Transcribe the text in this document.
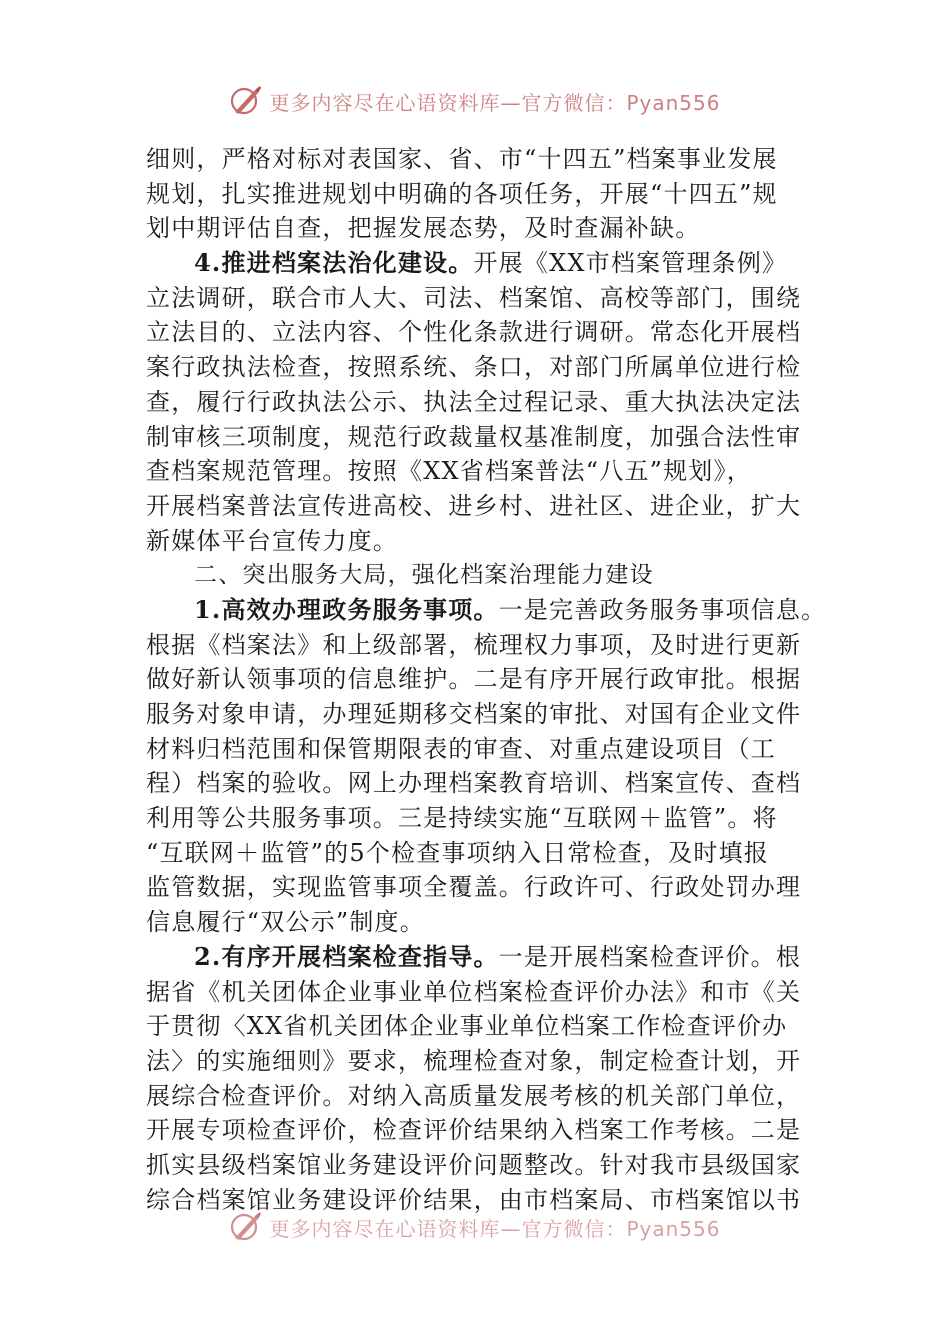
更多内容尽在心语资料库—官方微信：Pyan556
细则，严格对标对表国家、省、市“十四五”档案事业发展
规划，扎实推进规划中明确的各项任务，开展“十四五”规
划中期评估自查，把握发展态势，及时查漏补缺。
4.推进档案法治化建设。开展《XX市档案管理条例》
立法调研，联合市人大、司法、档案馆、高校等部门，围绕
立法目的、立法内容、个性化条款进行调研。常态化开展档
案行政执法检查，按照系统、条口，对部门所属单位进行检
查，履行行政执法公示、执法全过程记录、重大执法决定法
制审核三项制度，规范行政裁量权基准制度，加强合法性审
查档案规范管理。按照《XX省档案普法“八五”规划》，
开展档案普法宣传进高校、进乡村、进社区、进企业，扩大
新媒体平台宣传力度。
二、突出服务大局，强化档案治理能力建设
1.高效办理政务服务事项。一是完善政务服务事项信息。
根据《档案法》和上级部署，梳理权力事项，及时进行更新
做好新认领事项的信息维护。二是有序开展行政审批。根据
服务对象申请，办理延期移交档案的审批、对国有企业文件
材料归档范围和保管期限表的审查、对重点建设项目（工
程）档案的验收。网上办理档案教育培训、档案宣传、查档
利用等公共服务事项。三是持续实施“互联网＋监管”。将
“互联网＋监管”的5个检查事项纳入日常检查，及时填报
监管数据，实现监管事项全覆盖。行政许可、行政处罚办理
信息履行“双公示”制度。
2.有序开展档案检查指导。一是开展档案检查评价。根
据省《机关团体企业事业单位档案检查评价办法》和市《关
于贯彻〈XX省机关团体企业事业单位档案工作检查评价办
法〉的实施细则》要求，梳理检查对象，制定检查计划，开
展综合检查评价。对纳入高质量发展考核的机关部门单位，
开展专项检查评价，检查评价结果纳入档案工作考核。二是
抓实县级档案馆业务建设评价问题整改。针对我市县级国家
综合档案馆业务建设评价结果，由市档案局、市档案馆以书
更多内容尽在心语资料库—官方微信：Pyan556
